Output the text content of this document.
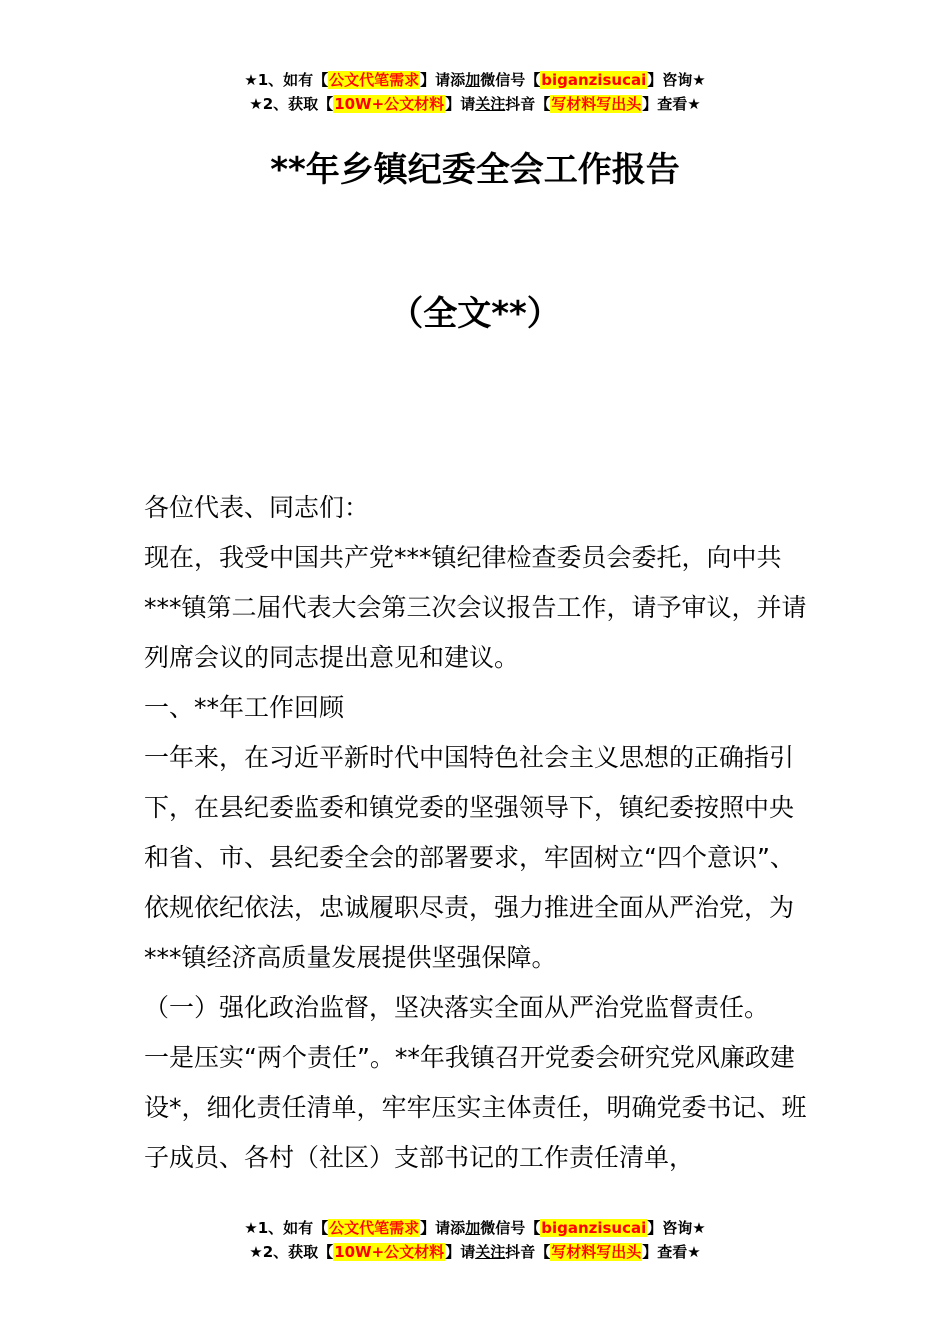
★1、如有【公文代笔需求】请添加微信号【biganzisucai】咨询★
★2、获取【10W+公文材料】请关注抖音【写材料写出头】查看★
**年乡镇纪委全会工作报告
（全文**）

各位代表、同志们：

现在，我受中国共产党***镇纪律检查委员会委托，向中共***镇第二届代表大会第三次会议报告工作，请予审议，并请列席会议的同志提出意见和建议。

一、**年工作回顾

一年来，在习近平新时代中国特色社会主义思想的正确指引下，在县纪委监委和镇党委的坚强领导下，镇纪委按照中央和省、市、县纪委全会的部署要求，牢固树立“四个意识”、依规依纪依法，忠诚履职尽责，强力推进全面从严治党，为***镇经济高质量发展提供坚强保障。

（一）强化政治监督，坚决落实全面从严治党监督责任。

一是压实“两个责任”。**年我镇召开党委会研究党风廉政建设*，细化责任清单，牢牢压实主体责任，明确党委书记、班子成员、各村（社区）支部书记的工作责任清单，

★1、如有【公文代笔需求】请添加微信号【biganzisucai】咨询★
★2、获取【10W+公文材料】请关注抖音【写材料写出头】查看★
